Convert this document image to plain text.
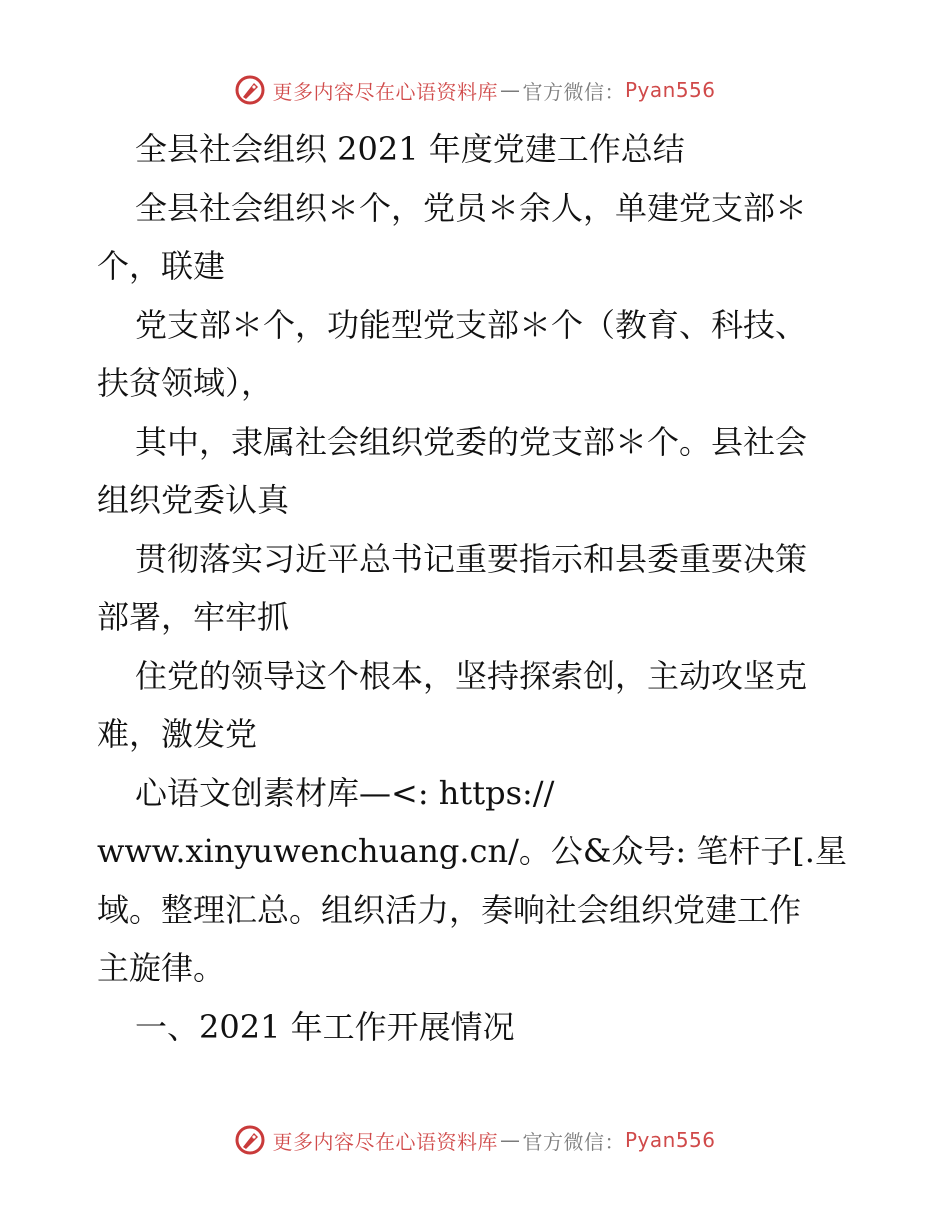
更多内容尽在心语资料库 — 官方微信： Pyan556
全县社会组织 2021 年度党建工作总结
全县社会组织＊个，党员＊余人，单建党支部＊
个，联建
党支部＊个，功能型党支部＊个（教育、科技、
扶贫领域），
其中，隶属社会组织党委的党支部＊个。县社会
组织党委认真
贯彻落实习近平总书记重要指示和县委重要决策
部署，牢牢抓
住党的领导这个根本，坚持探索创，主动攻坚克
难，激发党
心语文创素材库—<: https://
www.xinyuwenchuang.cn/。公&众号: 笔杆子[.星
域。整理汇总。组织活力，奏响社会组织党建工作
主旋律。
一、2021 年工作开展情况
更多内容尽在心语资料库 — 官方微信： Pyan556
